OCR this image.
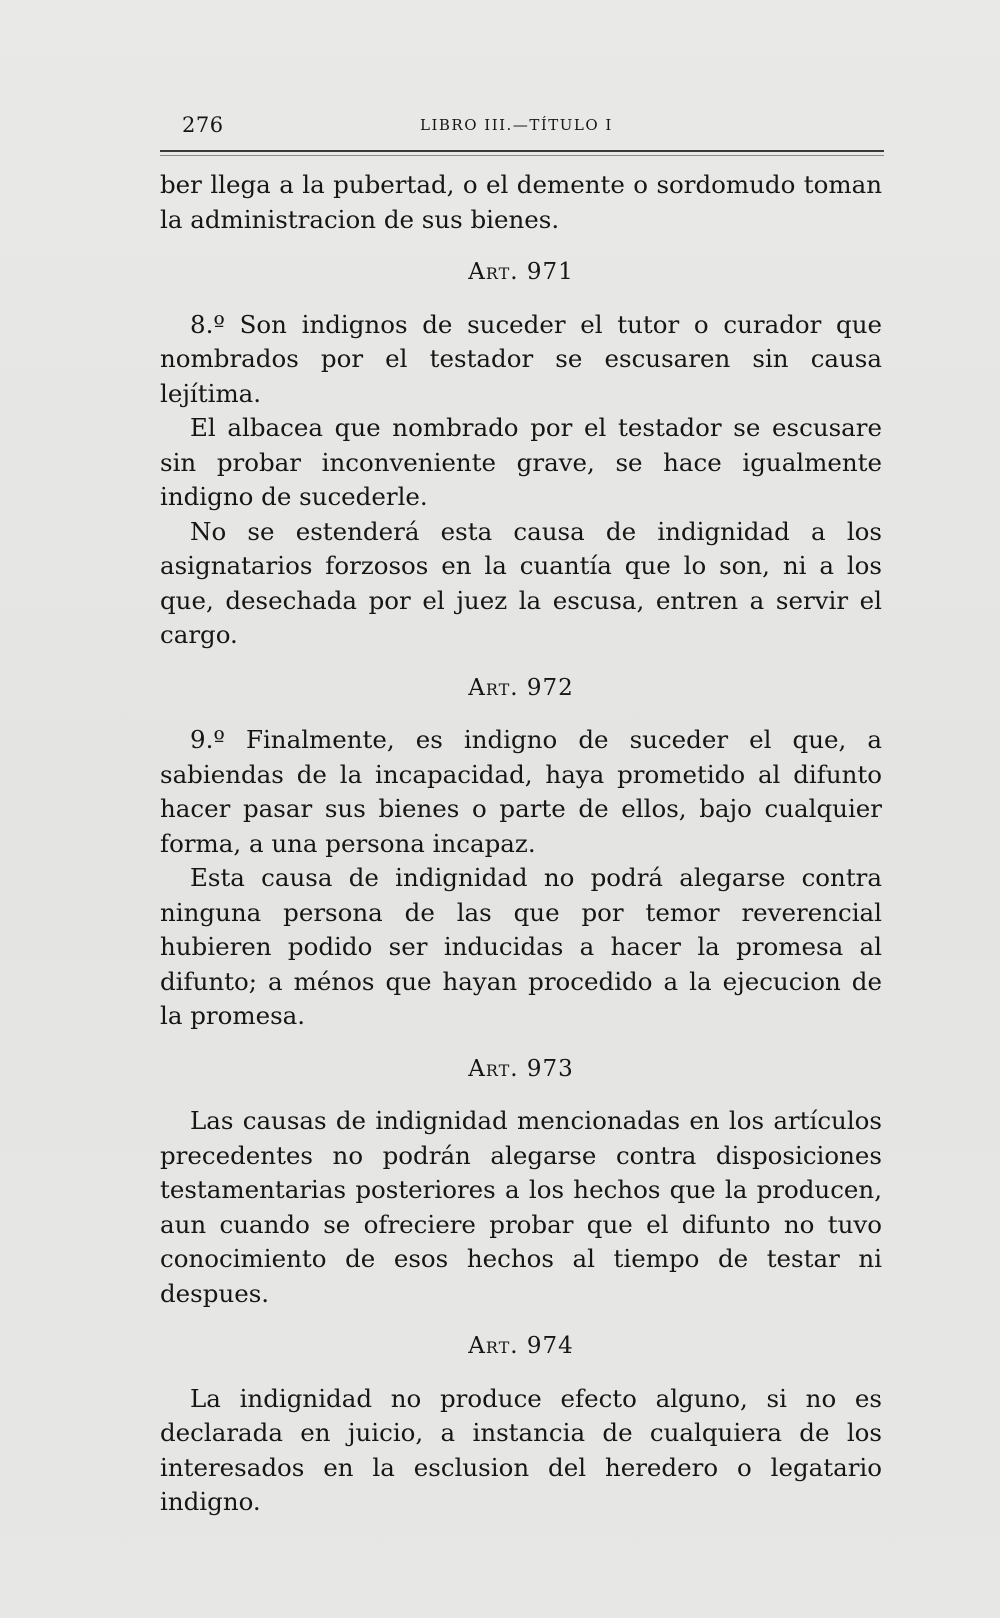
276	LIBRO III.—TÍTULO I

ber llega a la pubertad, o el demente o sordomudo toman la administracion de sus bienes.

Art. 971

8.º Son indignos de suceder el tutor o curador que nombrados por el testador se escusaren sin causa lejítima.

El albacea que nombrado por el testador se escusare sin probar inconveniente grave, se hace igualmente indigno de sucederle.

No se estenderá esta causa de indignidad a los asignatarios forzosos en la cuantía que lo son, ni a los que, desechada por el juez la escusa, entren a servir el cargo.

Art. 972

9.º Finalmente, es indigno de suceder el que, a sabiendas de la incapacidad, haya prometido al difunto hacer pasar sus bienes o parte de ellos, bajo cualquier forma, a una persona incapaz.

Esta causa de indignidad no podrá alegarse contra ninguna persona de las que por temor reverencial hubieren podido ser inducidas a hacer la promesa al difunto; a ménos que hayan procedido a la ejecucion de la promesa.

Art. 973

Las causas de indignidad mencionadas en los artículos precedentes no podrán alegarse contra disposiciones testamentarias posteriores a los hechos que la producen, aun cuando se ofreciere probar que el difunto no tuvo conocimiento de esos hechos al tiempo de testar ni despues.

Art. 974

La indignidad no produce efecto alguno, si no es declarada en juicio, a instancia de cualquiera de los interesados en la esclusion del heredero o legatario indigno.
